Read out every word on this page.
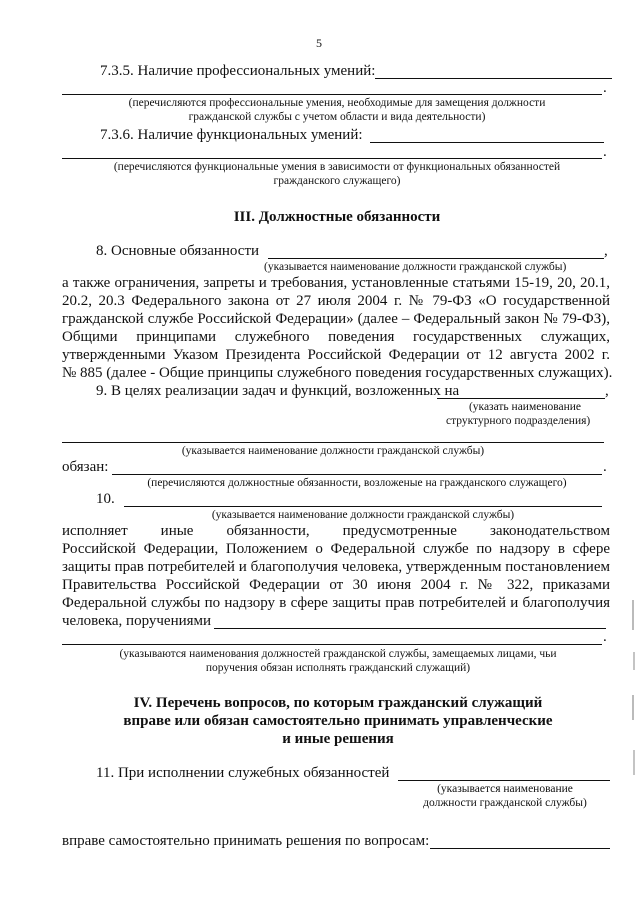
5
7.3.5. Наличие профессиональных умений:
.
(перечисляются профессиональные умения, необходимые для замещения должности
гражданской службы с учетом области и вида деятельности)
7.3.6. Наличие функциональных умений:
.
(перечисляются функциональные умения в зависимости от функциональных обязанностей
гражданского служащего)
III. Должностные обязанности
8. Основные обязанности	,
(указывается наименование должности гражданской службы)
а также ограничения, запреты и требования, установленные статьями 15-19, 20, 20.1,
20.2, 20.3 Федерального закона от 27 июля 2004 г. № 79-ФЗ «О государственной
гражданской службе Российской Федерации» (далее – Федеральный закон № 79-ФЗ),
Общими принципами служебного поведения государственных служащих,
утвержденными Указом Президента Российской Федерации от 12 августа 2002 г.
№ 885 (далее - Общие принципы служебного поведения государственных служащих).
9. В целях реализации задач и функций, возложенных на	,
(указать наименование
структурного подразделения)
(указывается наименование должности гражданской службы)
обязан:	.
(перечисляются должностные обязанности, возложеные на гражданского служащего)
10.
(указывается наименование должности гражданской службы)
исполняет иные обязанности, предусмотренные законодательством
Российской Федерации, Положением о Федеральной службе по надзору в сфере
защиты прав потребителей и благополучия человека, утвержденным постановлением
Правительства Российской Федерации от 30 июня 2004 г. № 322, приказами
Федеральной службы по надзору в сфере защиты прав потребителей и благополучия
человека, поручениями
.
(указываются наименования должностей гражданской службы, замещаемых лицами, чьи
поручения обязан исполнять гражданский служащий)
IV. Перечень вопросов, по которым гражданский служащий
вправе или обязан самостоятельно принимать управленческие
и иные решения
11. При исполнении служебных обязанностей
(указывается наименование
должности гражданской службы)
вправе самостоятельно принимать решения по вопросам:
